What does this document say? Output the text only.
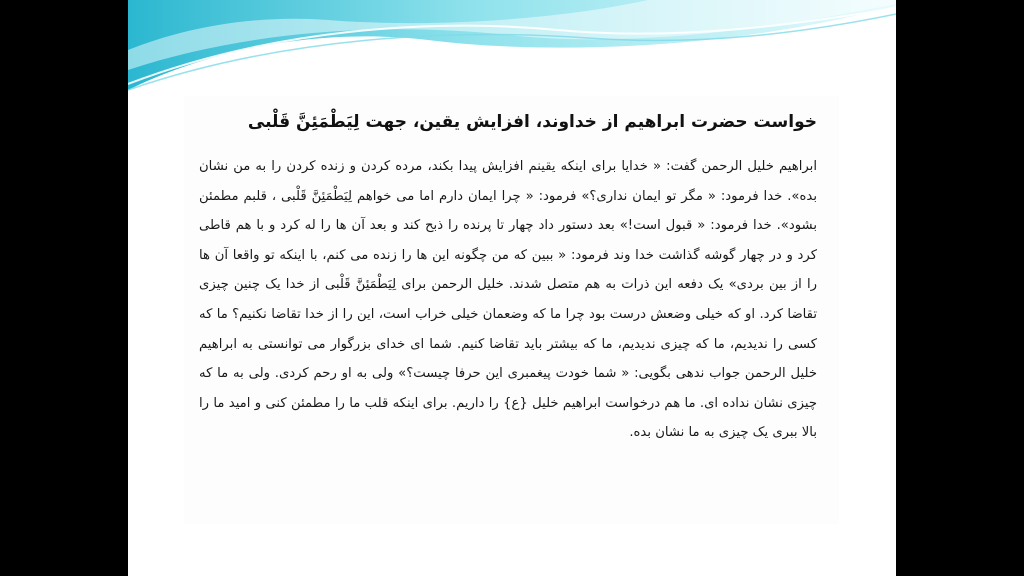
خواست حضرت ابراهیم از خداوند، افزایش یقین، جهت لِیَطْمَئِنَّ قَلْبی
ابراهیم خلیل الرحمن گفت: « خدایا برای اینکه یقینم افزایش پیدا بکند، مرده کردن و زنده کردن را به من نشان بده». خدا فرمود: « مگر تو ایمان نداری؟» فرمود: « چرا ایمان دارم اما می خواهم لِیَطْمَئِنَّ قَلْبی ، قلبم مطمئن بشود». خدا فرمود: « قبول است!» بعد دستور داد چهار تا پرنده را ذبح کند و بعد آن ها را له کرد و با هم قاطی کرد و در چهار گوشه گذاشت خدا وند فرمود: « ببین که من چگونه این ها را زنده می کنم، با اینکه تو واقعا آن ها را از بین بردی» یک دفعه این ذرات به هم متصل شدند. خلیل الرحمن برای لِیَطْمَئِنَّ قَلْبی از خدا یک چنین چیزی تقاضا کرد. او که خیلی وضعش درست بود چرا ما که وضعمان خیلی خراب است، این را از خدا تقاضا نکنیم؟ ما که کسی را ندیدیم، ما که چیزی ندیدیم، ما که بیشتر باید تقاضا کنیم. شما ای خدای بزرگوار می توانستی به ابراهیم خلیل الرحمن جواب ندهی بگویی: « شما خودت پیغمبری این حرفا چیست؟» ولی به او رحم کردی. ولی به ما که چیزی نشان نداده ای. ما هم درخواست ابراهیم خلیل {ع} را داریم. برای اینکه قلب ما را مطمئن کنی و امید ما را بالا ببری یک چیزی به ما نشان بده.
